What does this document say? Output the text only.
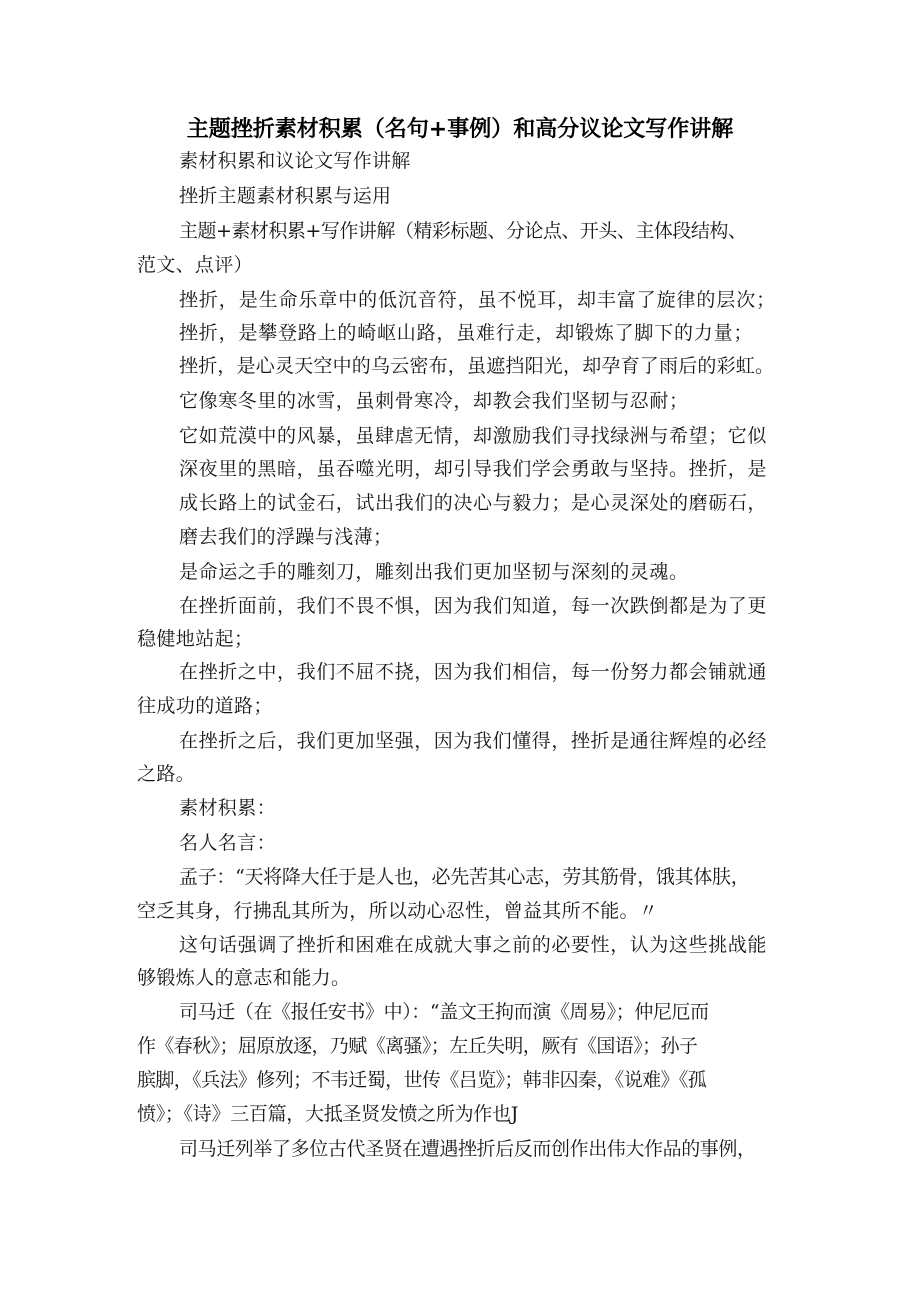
主题挫折素材积累（名句+事例）和高分议论文写作讲解

素材积累和议论文写作讲解

挫折主题素材积累与运用

主题+素材积累+写作讲解（精彩标题、分论点、开头、主体段结构、

范文、点评）

挫折，是生命乐章中的低沉音符，虽不悦耳，却丰富了旋律的层次；

挫折，是攀登路上的崎岖山路，虽难行走，却锻炼了脚下的力量；

挫折，是心灵天空中的乌云密布，虽遮挡阳光，却孕育了雨后的彩虹。

它像寒冬里的冰雪，虽刺骨寒冷，却教会我们坚韧与忍耐；

它如荒漠中的风暴，虽肆虐无情，却激励我们寻找绿洲与希望；它似

深夜里的黑暗，虽吞噬光明，却引导我们学会勇敢与坚持。挫折，是

成长路上的试金石，试出我们的决心与毅力；是心灵深处的磨砺石，

磨去我们的浮躁与浅薄；

是命运之手的雕刻刀，雕刻出我们更加坚韧与深刻的灵魂。

在挫折面前，我们不畏不惧，因为我们知道，每一次跌倒都是为了更

稳健地站起；

在挫折之中，我们不屈不挠，因为我们相信，每一份努力都会铺就通

往成功的道路；

在挫折之后，我们更加坚强，因为我们懂得，挫折是通往辉煌的必经

之路。

素材积累：

名人名言：

孟子：“天将降大任于是人也，必先苦其心志，劳其筋骨，饿其体肤，

空乏其身，行拂乱其所为，所以动心忍性，曾益其所不能。〃

这句话强调了挫折和困难在成就大事之前的必要性，认为这些挑战能

够锻炼人的意志和能力。

司马迁（在《报任安书》中）：“盖文王拘而演《周易》；仲尼厄而

作《春秋》；屈原放逐，乃赋《离骚》；左丘失明，厥有《国语》；孙子

膑脚，《兵法》修列；不韦迁蜀，世传《吕览》；韩非囚秦，《说难》《孤

愤》；《诗》三百篇，大抵圣贤发愤之所为作也J

司马迁列举了多位古代圣贤在遭遇挫折后反而创作出伟大作品的事例，
